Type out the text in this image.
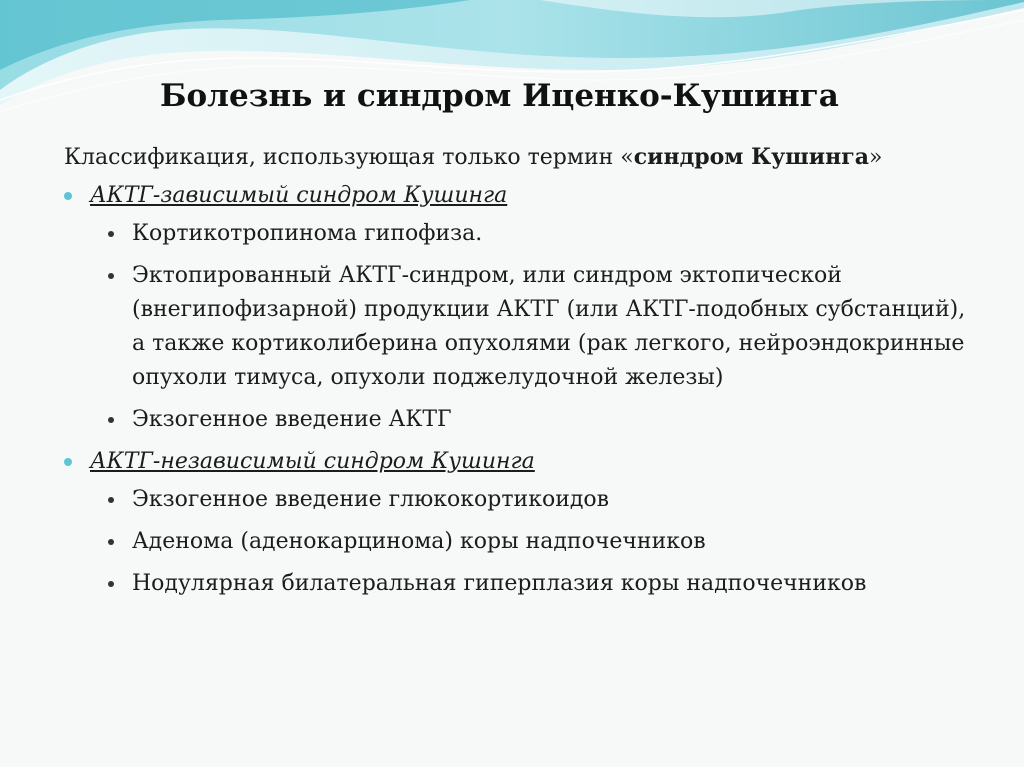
Болезнь и синдром Иценко-Кушинга
Классификация, использующая только термин «синдром Кушинга»
АКТГ-зависимый синдром Кушинга
Кортикотропинома гипофиза.
Эктопированный АКТГ-синдром, или синдром эктопической (внегипофизарной) продукции АКТГ (или АКТГ-подобных субстанций), а также кортиколиберина опухолями (рак легкого, нейроэндокринные опухоли тимуса, опухоли поджелудочной железы)
Экзогенное введение АКТГ
АКТГ-независимый синдром Кушинга
Экзогенное введение глюкокортикоидов
Аденома (аденокарцинома) коры надпочечников
Нодулярная билатеральная гиперплазия коры надпочечников
